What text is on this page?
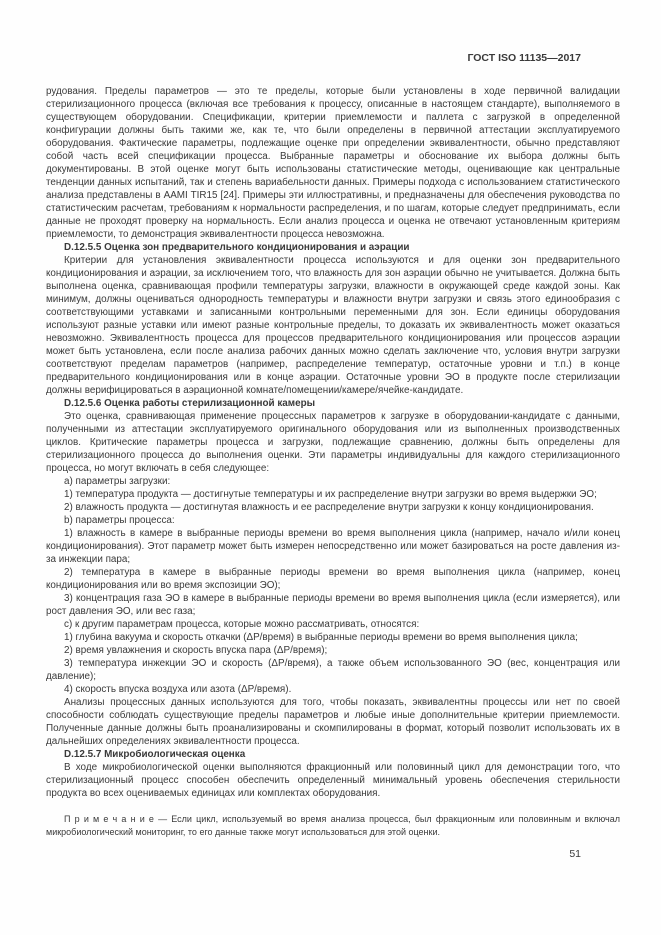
ГОСТ ISO 11135—2017

рудования. Пределы параметров — это те пределы, которые были установлены в ходе первичной валидации стерилизационного процесса (включая все требования к процессу, описанные в настоящем стандарте), выполняемого в существующем оборудовании. Спецификации, критерии приемлемости и паллета с загрузкой в определенной конфигурации должны быть такими же, как те, что были определены в первичной аттестации эксплуатируемого оборудования. Фактические параметры, подлежащие оценке при определении эквивалентности, обычно представляют собой часть всей спецификации процесса. Выбранные параметры и обоснование их выбора должны быть документированы. В этой оценке могут быть использованы статистические методы, оценивающие как центральные тенденции данных испытаний, так и степень вариабельности данных. Примеры подхода с использованием статистического анализа представлены в AAMI TIR15 [24]. Примеры эти иллюстративны, и предназначены для обеспечения руководства по статистическим расчетам, требованиям к нормальности распределения, и по шагам, которые следует предпринимать, если данные не проходят проверку на нормальность. Если анализ процесса и оценка не отвечают установленным критериям приемлемости, то демонстрация эквивалентности процесса невозможна.

D.12.5.5 Оценка зон предварительного кондиционирования и аэрации

Критерии для установления эквивалентности процесса используются и для оценки зон предварительного кондиционирования и аэрации, за исключением того, что влажность для зон аэрации обычно не учитывается. Должна быть выполнена оценка, сравнивающая профили температуры загрузки, влажности в окружающей среде каждой зоны. Как минимум, должны оцениваться однородность температуры и влажности внутри загрузки и связь этого единообразия с соответствующими уставками и записанными контрольными переменными для зон. Если единицы оборудования используют разные уставки или имеют разные контрольные пределы, то доказать их эквивалентность может оказаться невозможно. Эквивалентность процесса для процессов предварительного кондиционирования или процессов аэрации может быть установлена, если после анализа рабочих данных можно сделать заключение что, условия внутри загрузки соответствуют пределам параметров (например, распределение температур, остаточные уровни и т.п.) в конце предварительного кондиционирования или в конце аэрации. Остаточные уровни ЭО в продукте после стерилизации должны верифицироваться в аэрационной комнате/помещении/камере/ячейке-кандидате.

D.12.5.6 Оценка работы стерилизационной камеры

Это оценка, сравнивающая применение процессных параметров к загрузке в оборудовании-кандидате с данными, полученными из аттестации эксплуатируемого оригинального оборудования или из выполненных производственных циклов. Критические параметры процесса и загрузки, подлежащие сравнению, должны быть определены для стерилизационного процесса до выполнения оценки. Эти параметры индивидуальны для каждого стерилизационного процесса, но могут включать в себя следующее:

а) параметры загрузки:

1) температура продукта — достигнутые температуры и их распределение внутри загрузки во время выдержки ЭО;

2) влажность продукта — достигнутая влажность и ее распределение внутри загрузки к концу кондиционирования.

b) параметры процесса:

1) влажность в камере в выбранные периоды времени во время выполнения цикла (например, начало и/или конец кондиционирования). Этот параметр может быть измерен непосредственно или может базироваться на росте давления из-за инжекции пара;

2) температура в камере в выбранные периоды времени во время выполнения цикла (например, конец кондиционирования или во время экспозиции ЭО);

3) концентрация газа ЭО в камере в выбранные периоды времени во время выполнения цикла (если измеряется), или рост давления ЭО, или вес газа;

с) к другим параметрам процесса, которые можно рассматривать, относятся:

1) глубина вакуума и скорость откачки (ΔP/время) в выбранные периоды времени во время выполнения цикла;

2) время увлажнения и скорость впуска пара (ΔP/время);

3) температура инжекции ЭО и скорость (ΔP/время), а также объем использованного ЭО (вес, концентрация или давление);

4) скорость впуска воздуха или азота (ΔP/время).

Анализы процессных данных используются для того, чтобы показать, эквивалентны процессы или нет по своей способности соблюдать существующие пределы параметров и любые иные дополнительные критерии приемлемости. Полученные данные должны быть проанализированы и скомпилированы в формат, который позволит использовать их в дальнейших определениях эквивалентности процесса.

D.12.5.7 Микробиологическая оценка

В ходе микробиологической оценки выполняются фракционный или половинный цикл для демонстрации того, что стерилизационный процесс способен обеспечить определенный минимальный уровень обеспечения стерильности продукта во всех оцениваемых единицах или комплектах оборудования.

П р и м е ч а н и е — Если цикл, используемый во время анализа процесса, был фракционным или половинным и включал микробиологический мониторинг, то его данные также могут использоваться для этой оценки.

51
